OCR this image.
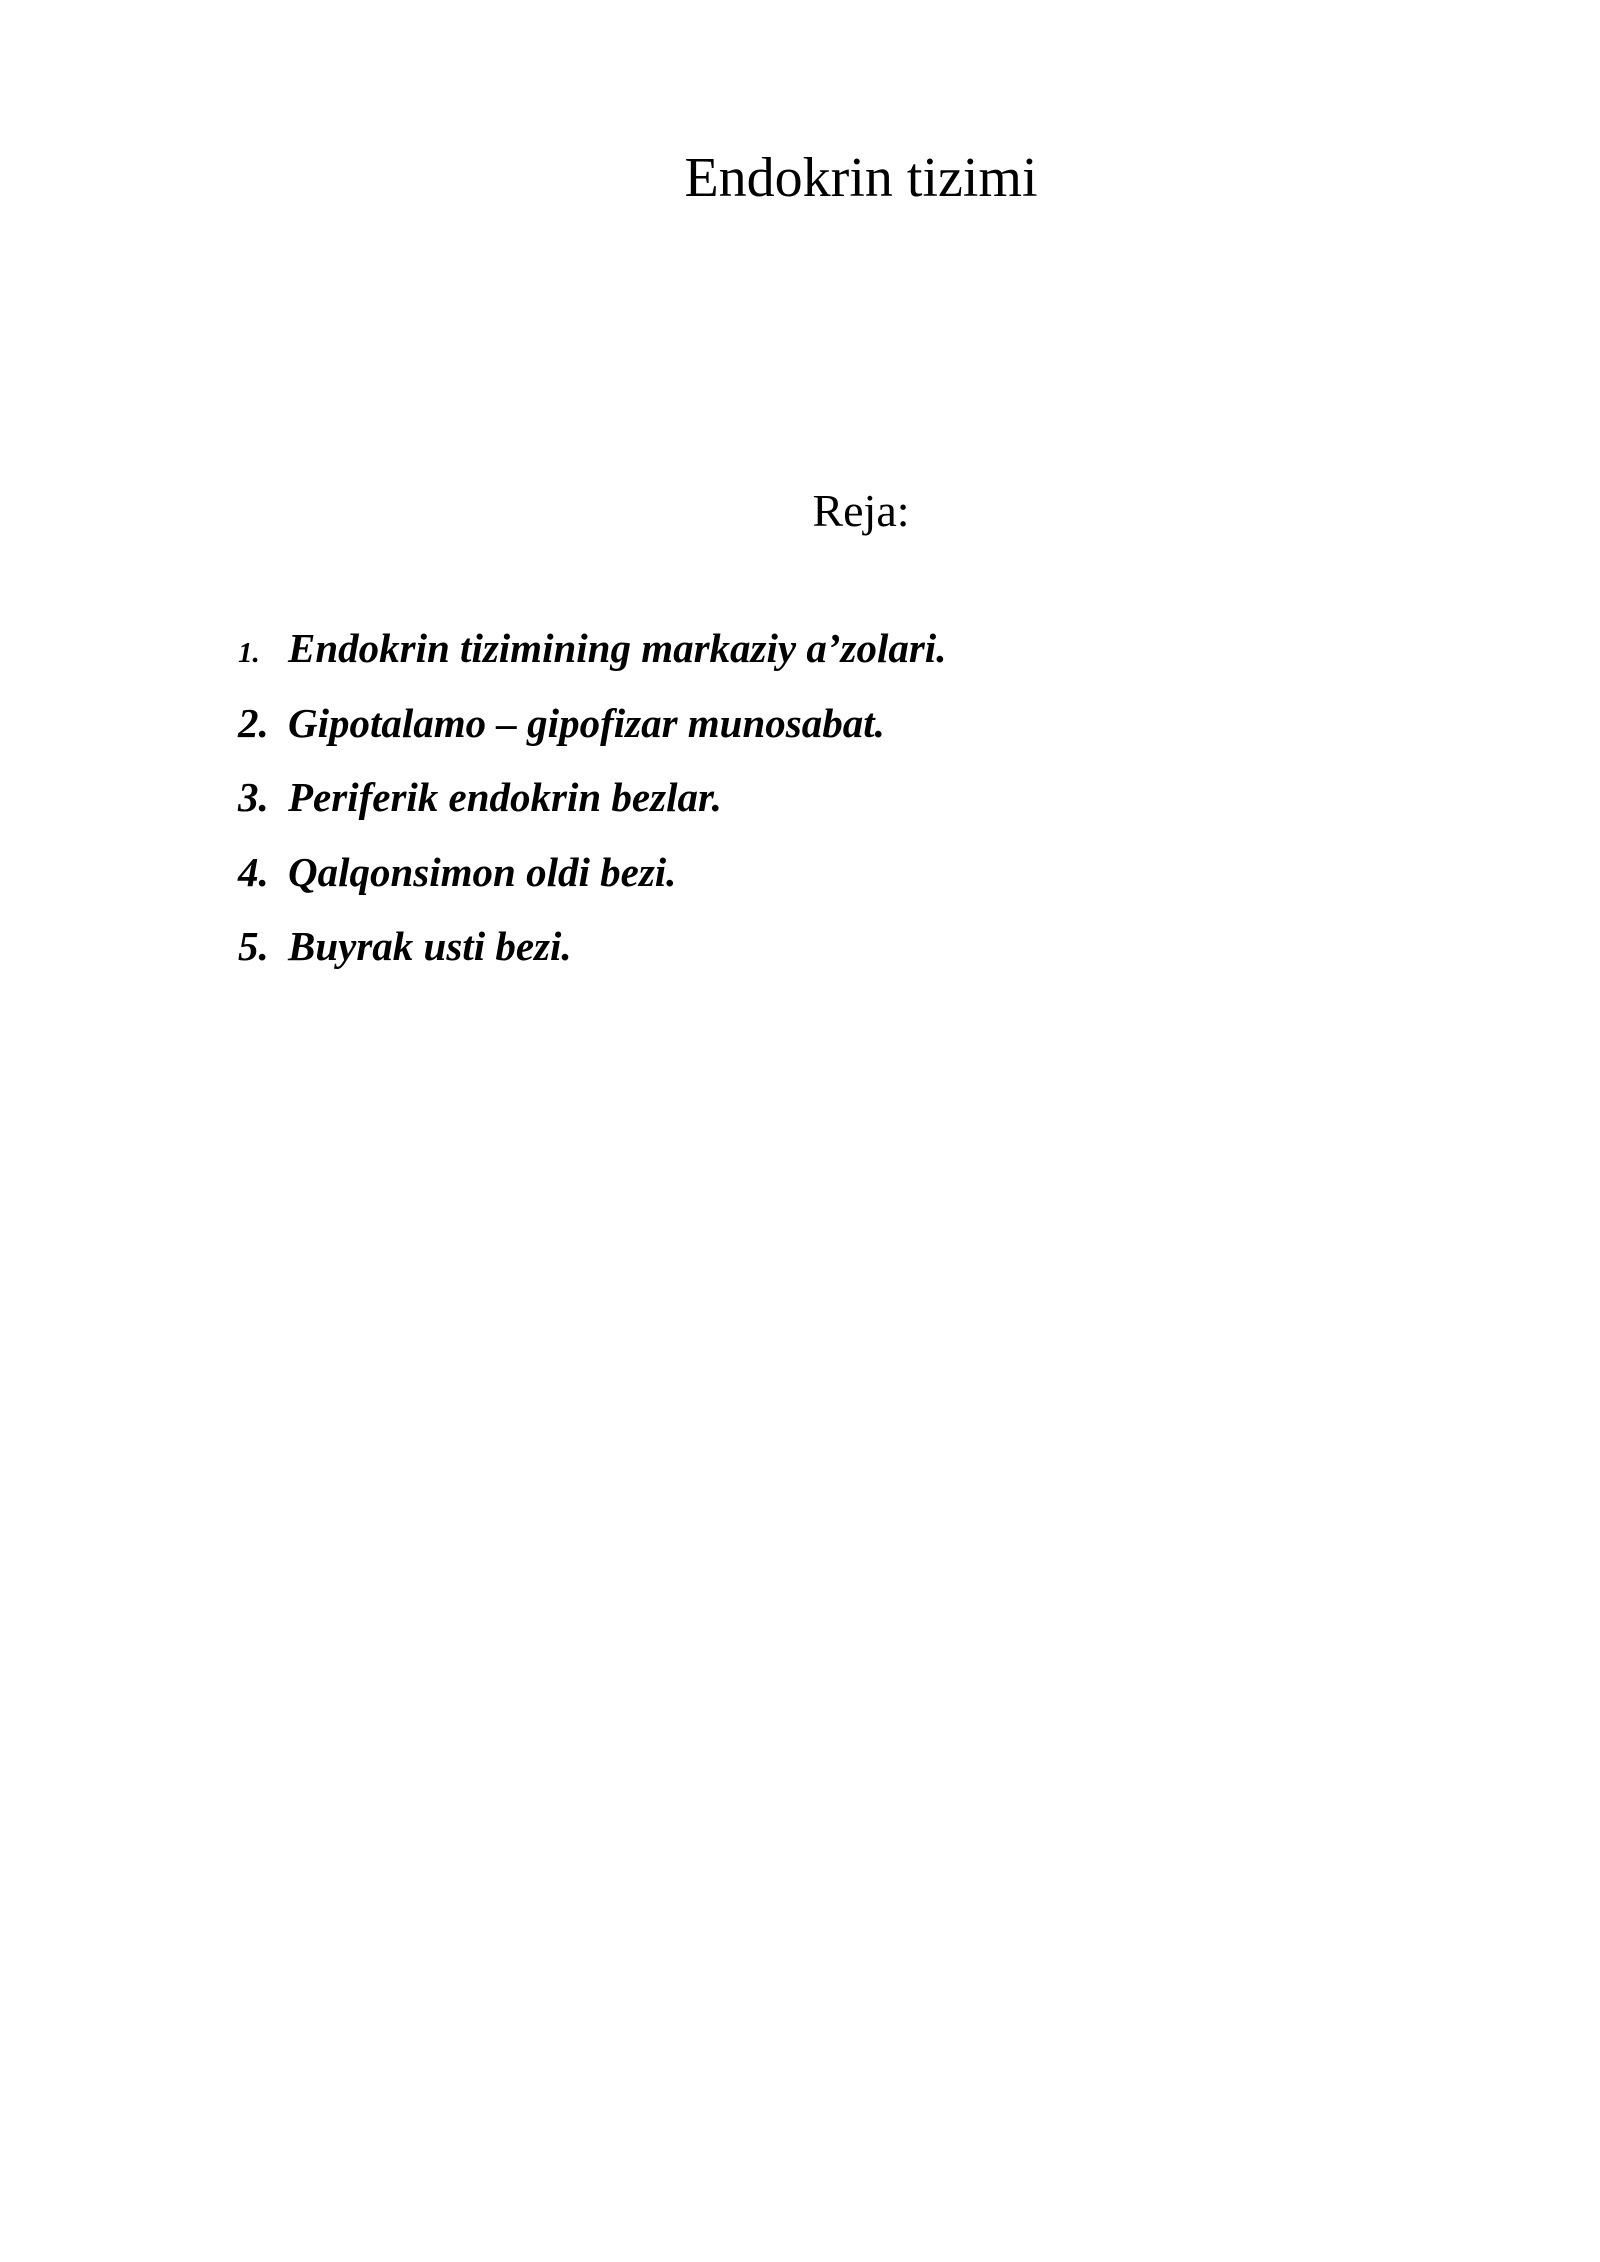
Endokrin tizimi
Reja:
1. Endokrin tizimining markaziy a’zolari.
2. Gipotalamo – gipofizar munosabat.
3. Periferik endokrin bezlar.
4. Qalqonsimon oldi bezi.
5. Buyrak usti bezi.
